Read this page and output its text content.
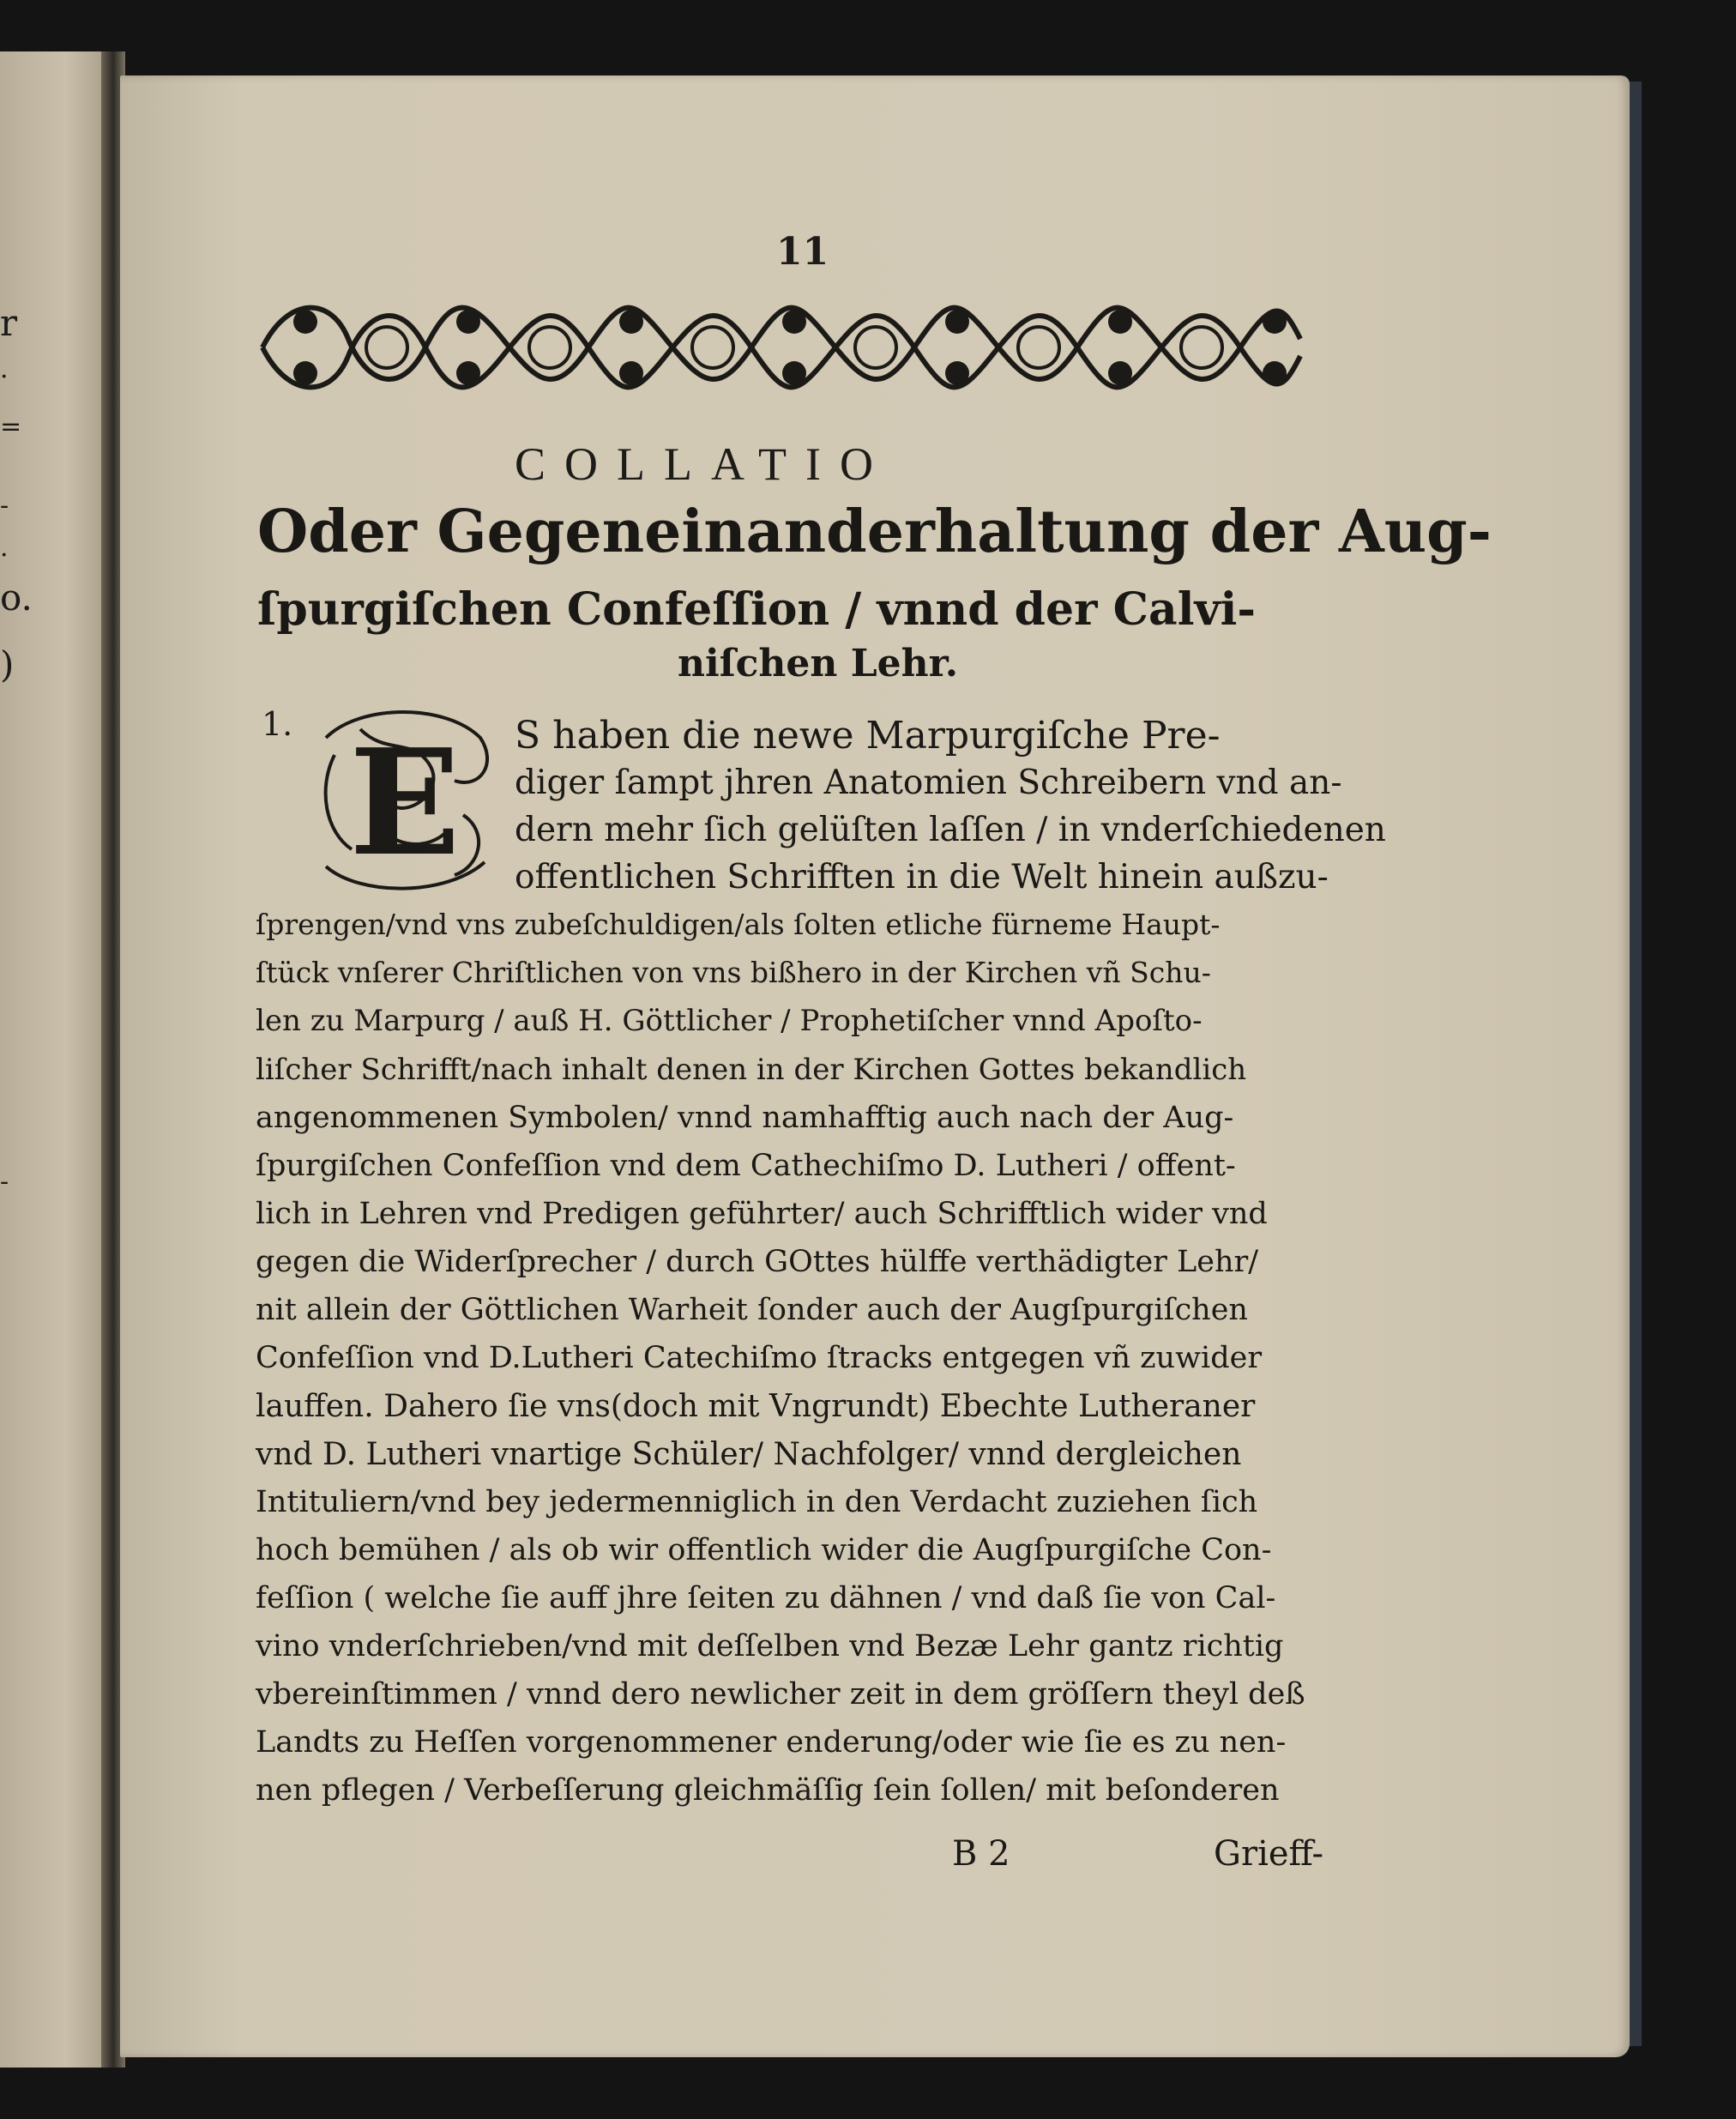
r
·
=
-
·
o.
)
-
11
COLLATIO
Oder Gegeneinanderhaltung der Aug-
ſpurgiſchen Confeſſion / vnnd der Calvi-
niſchen Lehr.
1. E S haben die newe Marpurgiſche Pre-
diger ſampt jhren Anatomien Schreibern vnd an-
dern mehr ſich gelüſten laſſen / in vnderſchiedenen
offentlichen Schrifften in die Welt hinein außzu-
ſprengen/vnd vns zubeſchuldigen/als ſolten etliche fürneme Haupt-
ſtück vnſerer Chriſtlichen von vns bißhero in der Kirchen vñ Schu-
len zu Marpurg / auß H. Göttlicher / Prophetiſcher vnnd Apoſto-
liſcher Schrifft/nach inhalt denen in der Kirchen Gottes bekandlich
angenommenen Symbolen/ vnnd namhafftig auch nach der Aug-
ſpurgiſchen Confeſſion vnd dem Cathechiſmo D. Lutheri / offent-
lich in Lehren vnd Predigen geführter/ auch Schrifftlich wider vnd
gegen die Widerſprecher / durch GOttes hülffe verthädigter Lehr/
nit allein der Göttlichen Warheit ſonder auch der Augſpurgiſchen
Confeſſion vnd D.Lutheri Catechiſmo ſtracks entgegen vñ zuwider
lauffen. Dahero ſie vns(doch mit Vngrundt) Ebechte Lutheraner
vnd D. Lutheri vnartige Schüler/ Nachfolger/ vnnd dergleichen
Intituliern/vnd bey jedermenniglich in den Verdacht zuziehen ſich
hoch bemühen / als ob wir offentlich wider die Augſpurgiſche Con-
feſſion ( welche ſie auff jhre ſeiten zu dähnen / vnd daß ſie von Cal-
vino vnderſchrieben/vnd mit deſſelben vnd Bezæ Lehr gantz richtig
vbereinſtimmen / vnnd dero newlicher zeit in dem gröſſern theyl deß
Landts zu Heſſen vorgenommener enderung/oder wie ſie es zu nen-
nen pflegen / Verbeſſerung gleichmäſſig ſein ſollen/ mit beſonderen
B 2	Grieff-
